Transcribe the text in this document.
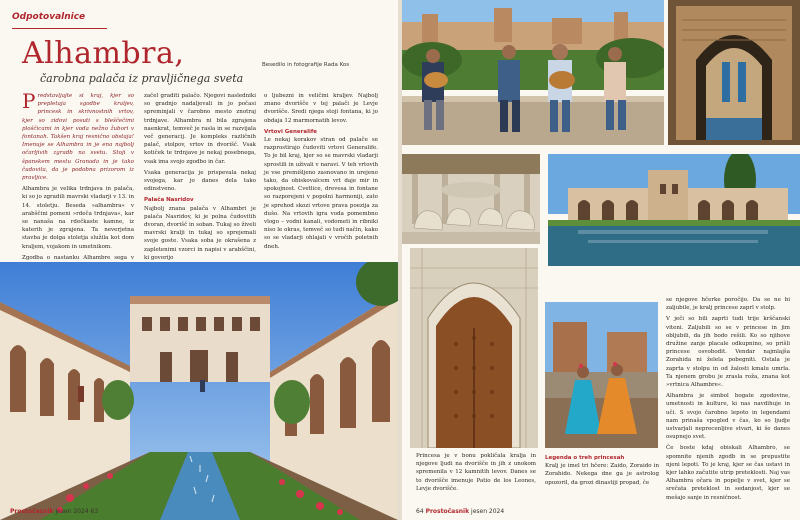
Odpotovalnice
Alhambra,
čarobna palača iz pravljičnega sveta
Besedilo in fotografije Rada Kos

Predstavljajte si kraj, kjer so prepletaja sgodbe kraljev, princesk in skrivnostnih vrtov, kjer so zidovi posuti s bleščečimi ploščicami in kjer voda nežno žubori v fontanah. Takšen kraj resnično obstaja! Imenuje se Alhambra in je ena najbolj očarljivih zgradb na svetu. Stoji v španskem mestu Granada in je tako čudovita, da je podobna prizorom iz pravljice.

Alhambra je velika trdnjava in palača, ki so jo zgradili mavrski vladarji v 13. in 14. stoletju. Beseda »alhambra« v arabščini pomeni »rdeča trdnjava«, kar se nanaša na rdečkaste kamne, iz katerih je zgrajena. Ta neverjetna stavba je dolga stoletja služila kot dom kraljem, vojakom in umetnikom.

Zgodba o nastanku Alhambre sega v

začel graditi palačo. Njegovi nasledniki so gradnjo nadaljevali in jo počasi spreminjali v čarobno mesto znotraj trdnjave. Alhambra ni bila zgrajena naenkrat, temveč je rasla in se razvijala več generacij. Je kompleks različnih palač, stolpov, vrtov in dvorišč. Vsak kotiček te trdnjave je nekaj posebnega, vsak ima svojo zgodbo in čar.

Vsaka generacija je prispevala nekaj svojega, kar jo danes dela tako edinstveno.

Palača Nasridov

Najbolj znana palača v Alhambri je palača Nasridov, ki je polna čudovitih dvoran, dvorišč in soban. Tukaj so živeli mavrski kralji in tukaj so sprejemali svoje goste. Vsaka soba je okrašena z zapletenimi vzorci in napisi v arabščini, ki govorijo

o ljubezni in veličini kraljev. Najbolj znano dvorišče v tej palači je Levje dvorišče. Sredi njega stoji fontana, ki jo obdaja 12 marmornatih levov.

Vrtovi Generalife

Le nekaj korakov stran od palače se razprostirajo čudoviti vrtovi Generalife. To je bil kraj, kjer so se mavrski vladarji sprostili in uživali v naravi. V teh vrtovih je vse premišljeno zasnovano in urejeno tako, da obiskovalcem vrt daje mir in spokojnost. Cvetlice, drevesa in fontane so razporejeni v popolni harmoniji, zato je sprehod skozi vrtove prava poezija za dušo. Na vrtovih igra voda pomembno vlogo – vodni kanali, vodometi in ribniki niso le okras, temveč so tudi način, kako so se vladarji ohlajali v vročih poletnih dneh.

Prostočasnik jesen 2024 63

Princesa je v bonu pokličala kralja in njegove ljudi na dvorišče in jih z unokom spremenila v 12 kamnitih levov. Danes se to dvorišče imenuje Patio de los Leones, Levje dvorišče.

Legenda o treh princesah

Kralj je imel tri hčere: Zaido, Zoraido in Zorahido. Nekega dne ga je astrolog opozoril, da grozi dinastiji propad, če

se njegove hčerke poročijo. Da se ne bi zaljubile, je kralj princese zaprl v stolp.

V ječi so bili zaprti tudi trije krščanski viteni. Zaljubili so se v princese in jim obljubili, da jih bodo rešili. Ko so njihove družine zanje placale odkupnino, so prišli princese osvobodit. Vendar najmlajša Zorahida ni želela pobegniti. Ostala je zaprta v stolpu in od žalosti kmalu umrla. Ta njenem grobu je zrasla roža, znana kot »vrtnica Alhambre«.

Alhambra je simbol bogate zgodovine, umetnosti in kulture, ki nas navdihuje in uči. S svojo čarobno lepoto in legendami nam prinaša vpogled v čas, ko so ljudje ustvarjali neprecenljive stvari, ki še danes osupnejo svet.

Če boste kdaj obiskali Alhambro, se spomnite njenih zgodb in se prepustite njeni lepoti. To je kraj, kjer se čas ustavi in kjer lahko začutite utrip preteklosti. Naj vas Alhambra očara in popelje v svet, kjer se srečata preteklost in sedanjost, kjer se mešajo sanje in resničnost.

64 Prostočasnik jesen 2024
